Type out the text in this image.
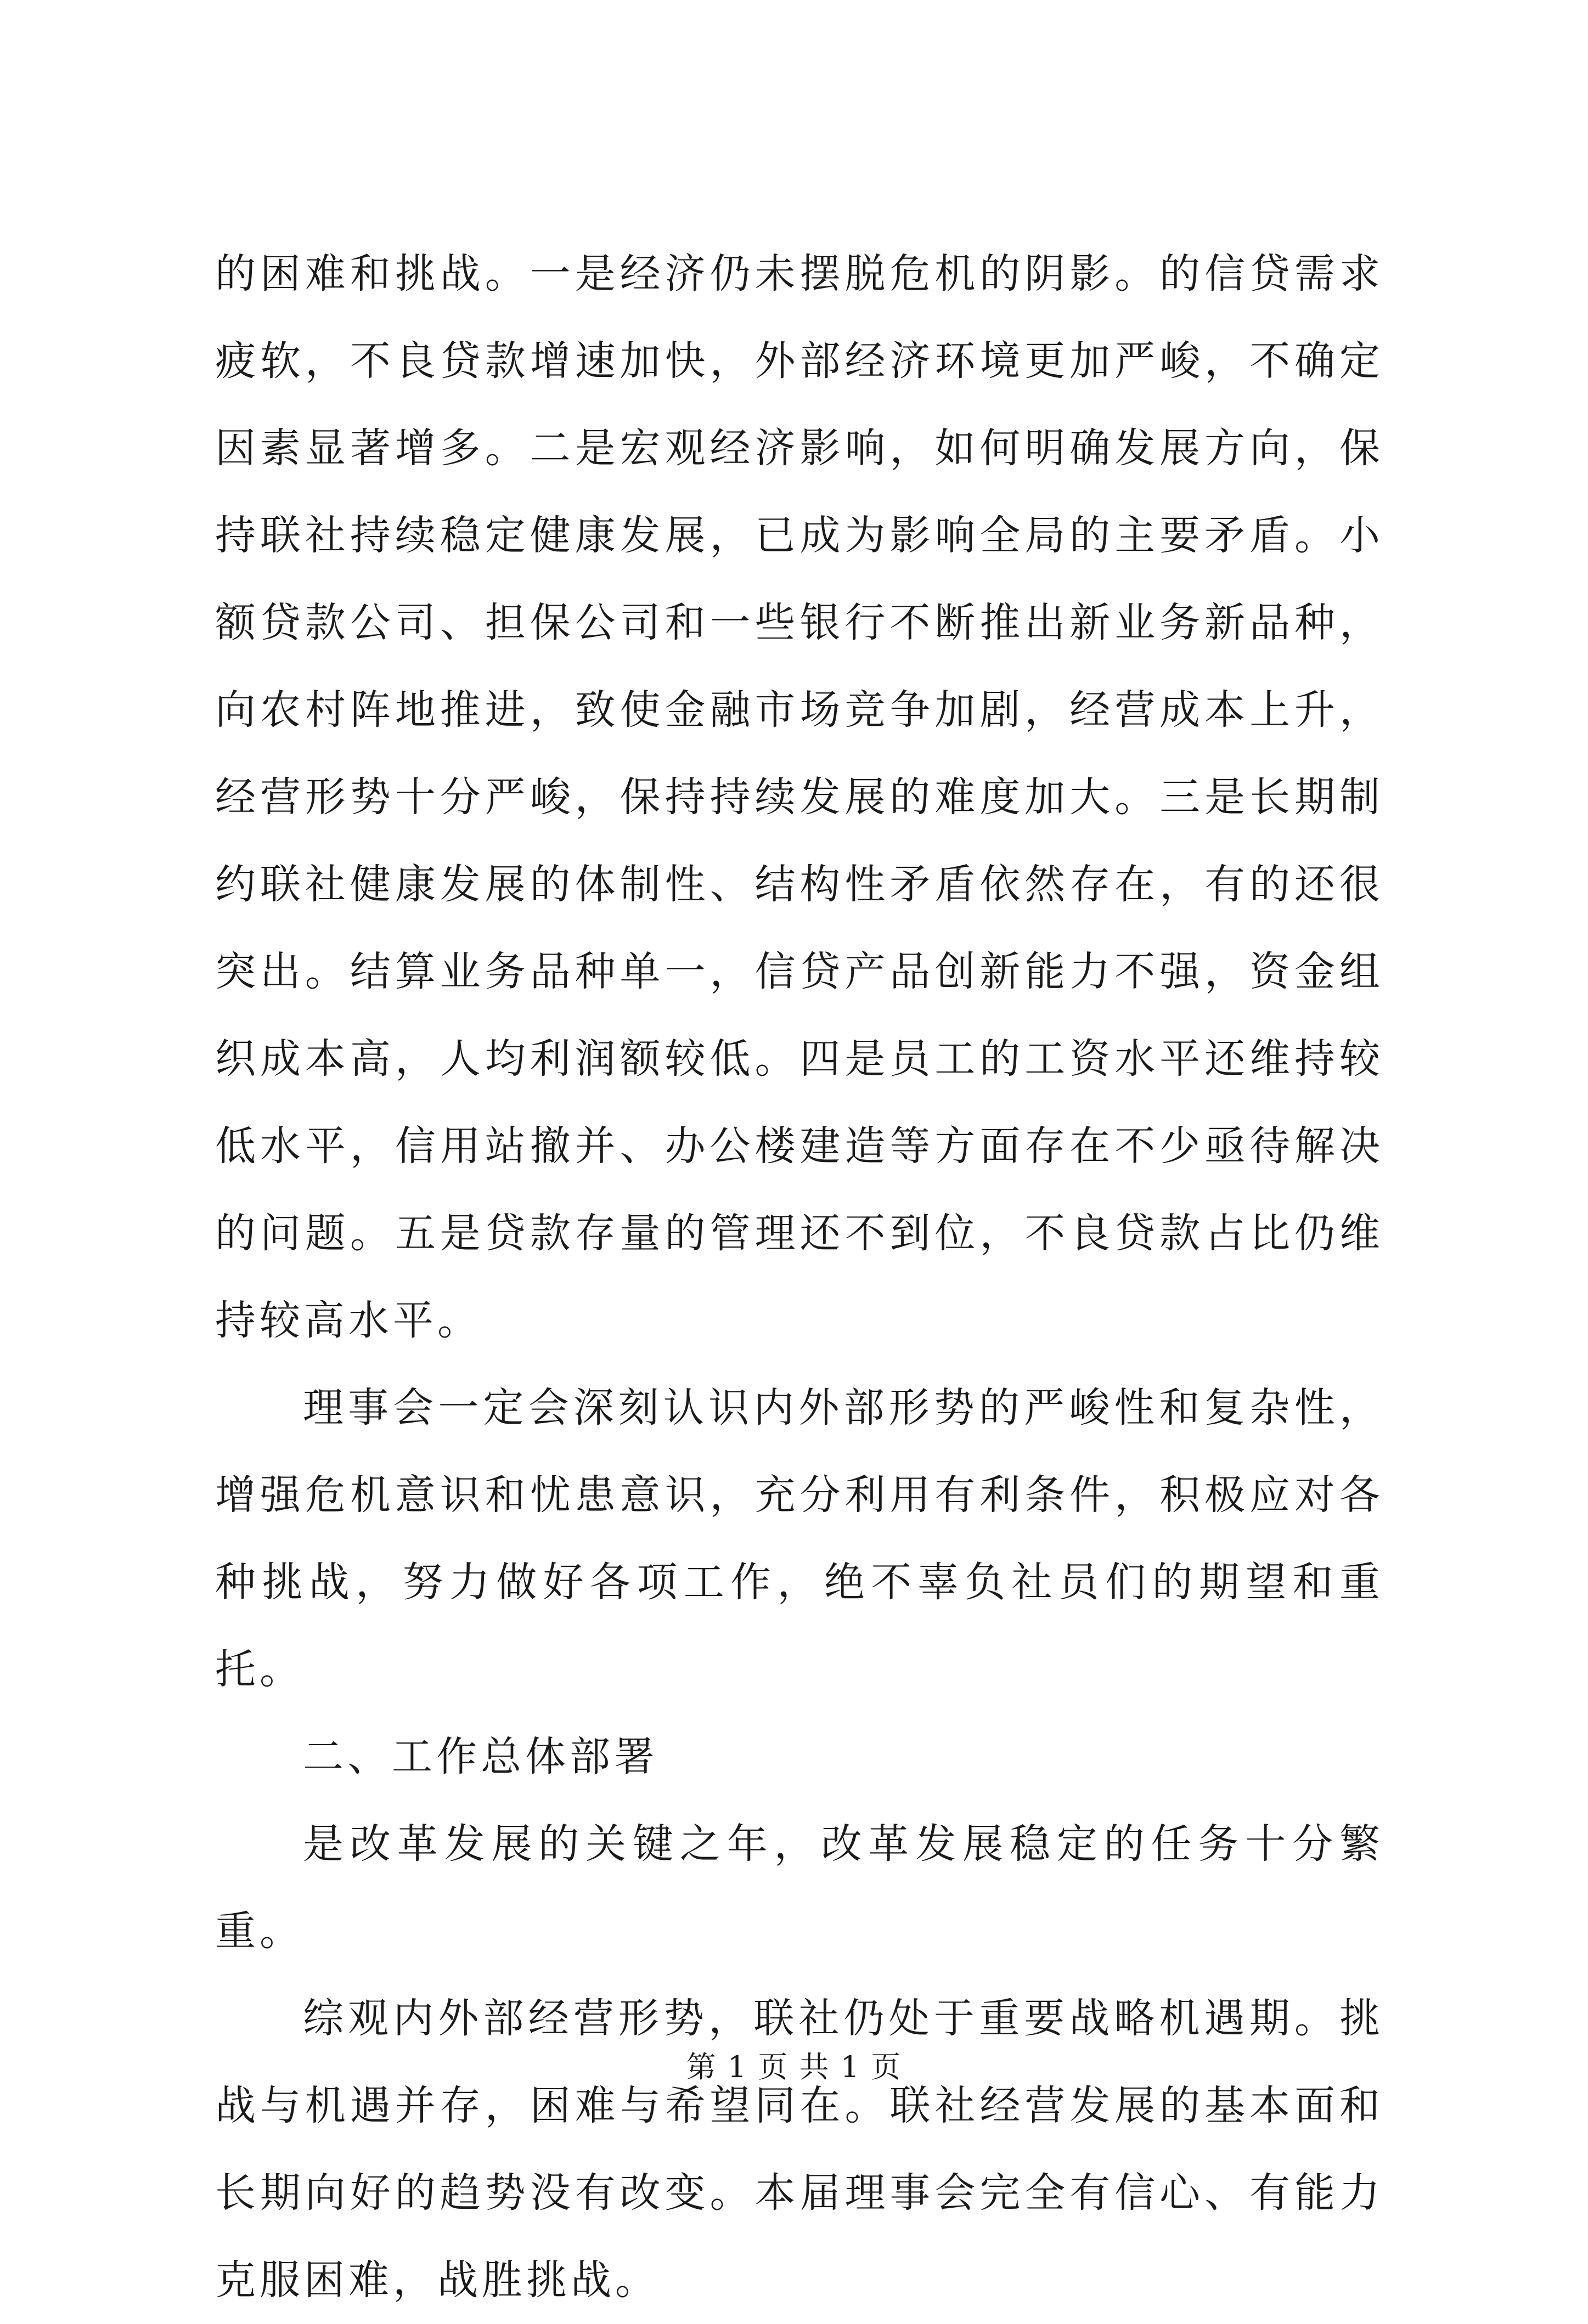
的困难和挑战。一是经济仍未摆脱危机的阴影。的信贷需求疲软，不良贷款增速加快，外部经济环境更加严峻，不确定因素显著增多。二是宏观经济影响，如何明确发展方向，保持联社持续稳定健康发展，已成为影响全局的主要矛盾。小额贷款公司、担保公司和一些银行不断推出新业务新品种，向农村阵地推进，致使金融市场竞争加剧，经营成本上升，经营形势十分严峻，保持持续发展的难度加大。三是长期制约联社健康发展的体制性、结构性矛盾依然存在，有的还很突出。结算业务品种单一，信贷产品创新能力不强，资金组织成本高，人均利润额较低。四是员工的工资水平还维持较低水平，信用站撤并、办公楼建造等方面存在不少亟待解决的问题。五是贷款存量的管理还不到位，不良贷款占比仍维持较高水平。

理事会一定会深刻认识内外部形势的严峻性和复杂性，增强危机意识和忧患意识，充分利用有利条件，积极应对各种挑战，努力做好各项工作，绝不辜负社员们的期望和重托。

二、工作总体部署

是改革发展的关键之年，改革发展稳定的任务十分繁重。

综观内外部经营形势，联社仍处于重要战略机遇期。挑战与机遇并存，困难与希望同在。联社经营发展的基本面和长期向好的趋势没有改变。本届理事会完全有信心、有能力克服困难，战胜挑战。

第 1 页 共 1 页
